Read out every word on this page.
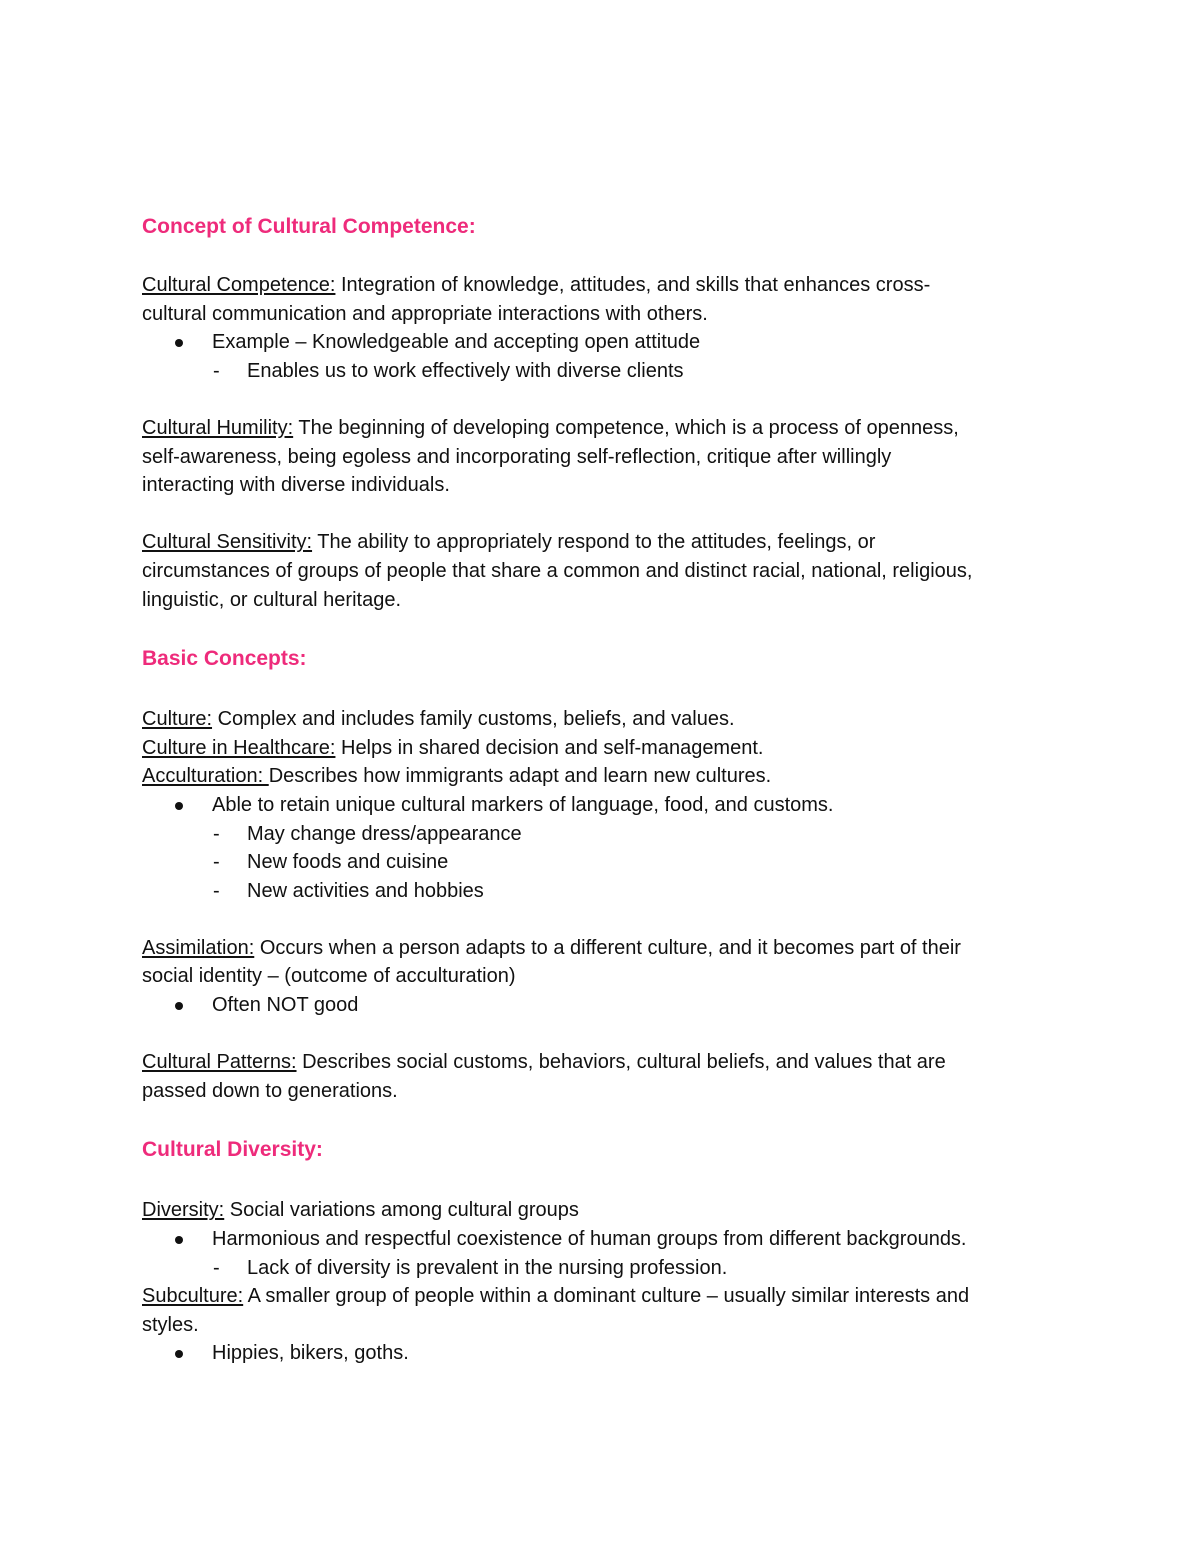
Concept of Cultural Competence:

Cultural Competence: Integration of knowledge, attitudes, and skills that enhances cross-

cultural communication and appropriate interactions with others.

Example – Knowledgeable and accepting open attitude
- Enables us to work effectively with diverse clients

Cultural Humility: The beginning of developing competence, which is a process of openness,

self-awareness, being egoless and incorporating self-reflection, critique after willingly

interacting with diverse individuals.

Cultural Sensitivity: The ability to appropriately respond to the attitudes, feelings, or

circumstances of groups of people that share a common and distinct racial, national, religious,

linguistic, or cultural heritage.

Basic Concepts:

Culture: Complex and includes family customs, beliefs, and values.

Culture in Healthcare: Helps in shared decision and self-management.

Acculturation: Describes how immigrants adapt and learn new cultures.

Able to retain unique cultural markers of language, food, and customs.
- May change dress/appearance
- New foods and cuisine
- New activities and hobbies

Assimilation: Occurs when a person adapts to a different culture, and it becomes part of their

social identity – (outcome of acculturation)

Often NOT good

Cultural Patterns: Describes social customs, behaviors, cultural beliefs, and values that are

passed down to generations.

Cultural Diversity:

Diversity: Social variations among cultural groups

Harmonious and respectful coexistence of human groups from different backgrounds.
- Lack of diversity is prevalent in the nursing profession.

Subculture: A smaller group of people within a dominant culture – usually similar interests and

styles.

Hippies, bikers, goths.
